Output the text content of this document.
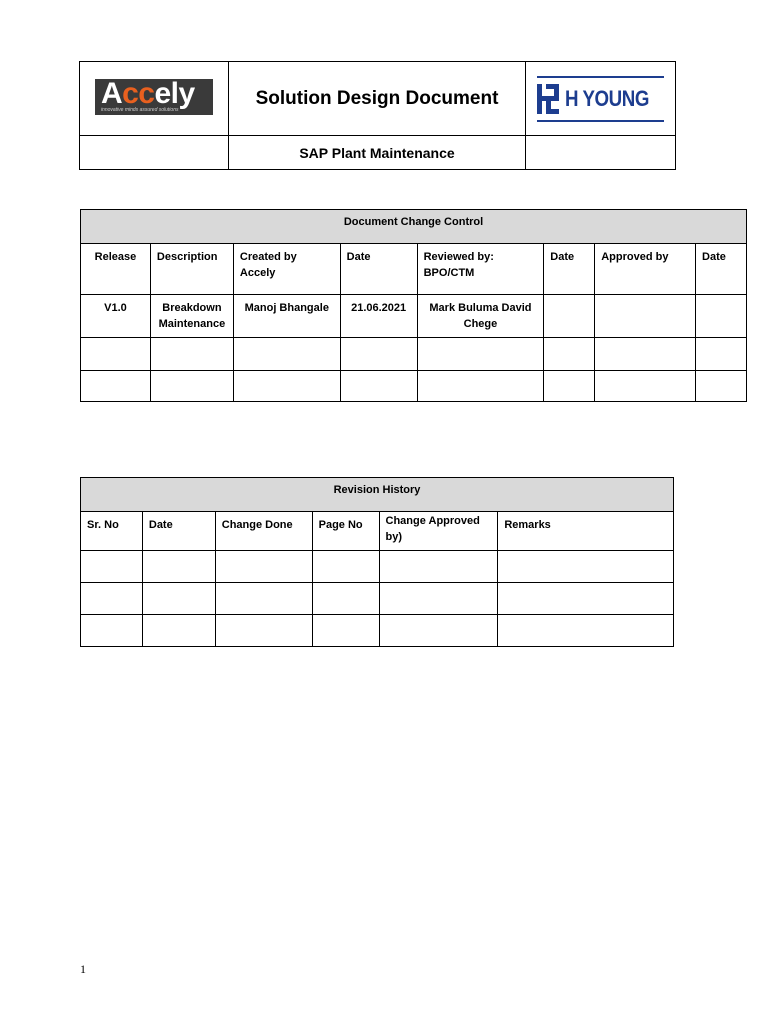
Accely
innovative minds assured solutions	Solution Design Document	H YOUNG

	SAP Plant Maintenance	
Document Change Control							
Release	Description	Created by Accely	Date	Reviewed by: BPO/CTM	Date	Approved by	Date
V1.0	Breakdown Maintenance	Manoj Bhangale	21.06.2021	Mark Buluma David Chege			

Revision History					
Sr. No	Date	Change Done	Page No	Change Approved by)	Remarks

1
